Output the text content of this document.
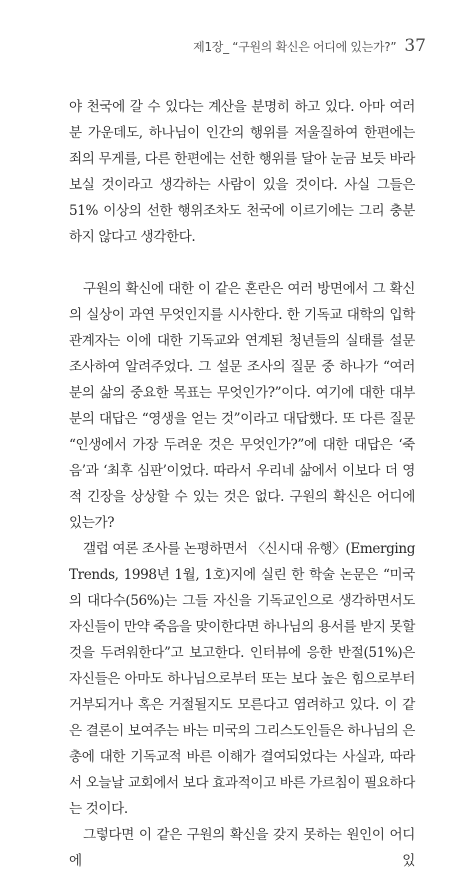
제1장_ “구원의 확신은 어디에 있는가?” 37

야 천국에 갈 수 있다는 계산을 분명히 하고 있다. 아마 여러분 가운데도, 하나님이 인간의 행위를 저울질하여 한편에는 죄의 무게를, 다른 한편에는 선한 행위를 달아 눈금 보듯 바라보실 것이라고 생각하는 사람이 있을 것이다. 사실 그들은 51% 이상의 선한 행위조차도 천국에 이르기에는 그리 충분하지 않다고 생각한다.

구원의 확신에 대한 이 같은 혼란은 여러 방면에서 그 확신의 실상이 과연 무엇인지를 시사한다. 한 기독교 대학의 입학 관계자는 이에 대한 기독교와 연계된 청년들의 실태를 설문 조사하여 알려주었다. 그 설문 조사의 질문 중 하나가 “여러분의 삶의 중요한 목표는 무엇인가?”이다. 여기에 대한 대부분의 대답은 “영생을 얻는 것”이라고 대답했다. 또 다른 질문 “인생에서 가장 두려운 것은 무엇인가?”에 대한 대답은 ‘죽음’과 ‘최후 심판’이었다. 따라서 우리네 삶에서 이보다 더 영적 긴장을 상상할 수 있는 것은 없다. 구원의 확신은 어디에 있는가?

갤럽 여론 조사를 논평하면서 〈신시대 유행〉(Emerging Trends, 1998년 1월, 1호)지에 실린 한 학술 논문은 “미국의 대다수(56%)는 그들 자신을 기독교인으로 생각하면서도 자신들이 만약 죽음을 맞이한다면 하나님의 용서를 받지 못할 것을 두려워한다”고 보고한다. 인터뷰에 응한 반절(51%)은 자신들은 아마도 하나님으로부터 또는 보다 높은 힘으로부터 거부되거나 혹은 거절될지도 모른다고 염려하고 있다. 이 같은 결론이 보여주는 바는 미국의 그리스도인들은 하나님의 은총에 대한 기독교적 바른 이해가 결여되었다는 사실과, 따라서 오늘날 교회에서 보다 효과적이고 바른 가르침이 필요하다는 것이다.

그렇다면 이 같은 구원의 확신을 갖지 못하는 원인이 어디에 있
